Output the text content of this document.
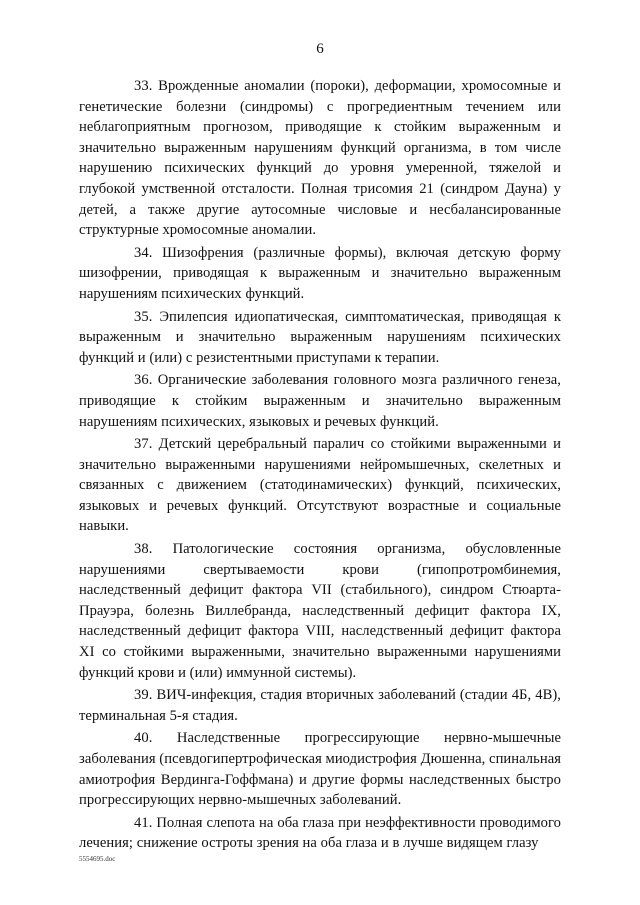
6

33. Врожденные аномалии (пороки), деформации, хромосомные и генетические болезни (синдромы) с прогредиентным течением или неблагоприятным прогнозом, приводящие к стойким выраженным и значительно выраженным нарушениям функций организма, в том числе нарушению психических функций до уровня умеренной, тяжелой и глубокой умственной отсталости. Полная трисомия 21 (синдром Дауна) у детей, а также другие аутосомные числовые и несбалансированные структурные хромосомные аномалии.

34. Шизофрения (различные формы), включая детскую форму шизофрении, приводящая к выраженным и значительно выраженным нарушениям психических функций.

35. Эпилепсия идиопатическая, симптоматическая, приводящая к выраженным и значительно выраженным нарушениям психических функций и (или) с резистентными приступами к терапии.

36. Органические заболевания головного мозга различного генеза, приводящие к стойким выраженным и значительно выраженным нарушениям психических, языковых и речевых функций.

37. Детский церебральный паралич со стойкими выраженными и значительно выраженными нарушениями нейромышечных, скелетных и связанных с движением (статодинамических) функций, психических, языковых и речевых функций. Отсутствуют возрастные и социальные навыки.

38. Патологические состояния организма, обусловленные нарушениями свертываемости крови (гипопротромбинемия, наследственный дефицит фактора VII (стабильного), синдром Стюарта-Прауэра, болезнь Виллебранда, наследственный дефицит фактора IX, наследственный дефицит фактора VIII, наследственный дефицит фактора XI со стойкими выраженными, значительно выраженными нарушениями функций крови и (или) иммунной системы).

39. ВИЧ-инфекция, стадия вторичных заболеваний (стадии 4Б, 4В), терминальная 5-я стадия.

40. Наследственные прогрессирующие нервно-мышечные заболевания (псевдогипертрофическая миодистрофия Дюшенна, спинальная амиотрофия Вердинга-Гоффмана) и другие формы наследственных быстро прогрессирующих нервно-мышечных заболеваний.

41. Полная слепота на оба глаза при неэффективности проводимого лечения; снижение остроты зрения на оба глаза и в лучше видящем глазу

5554695.doc
